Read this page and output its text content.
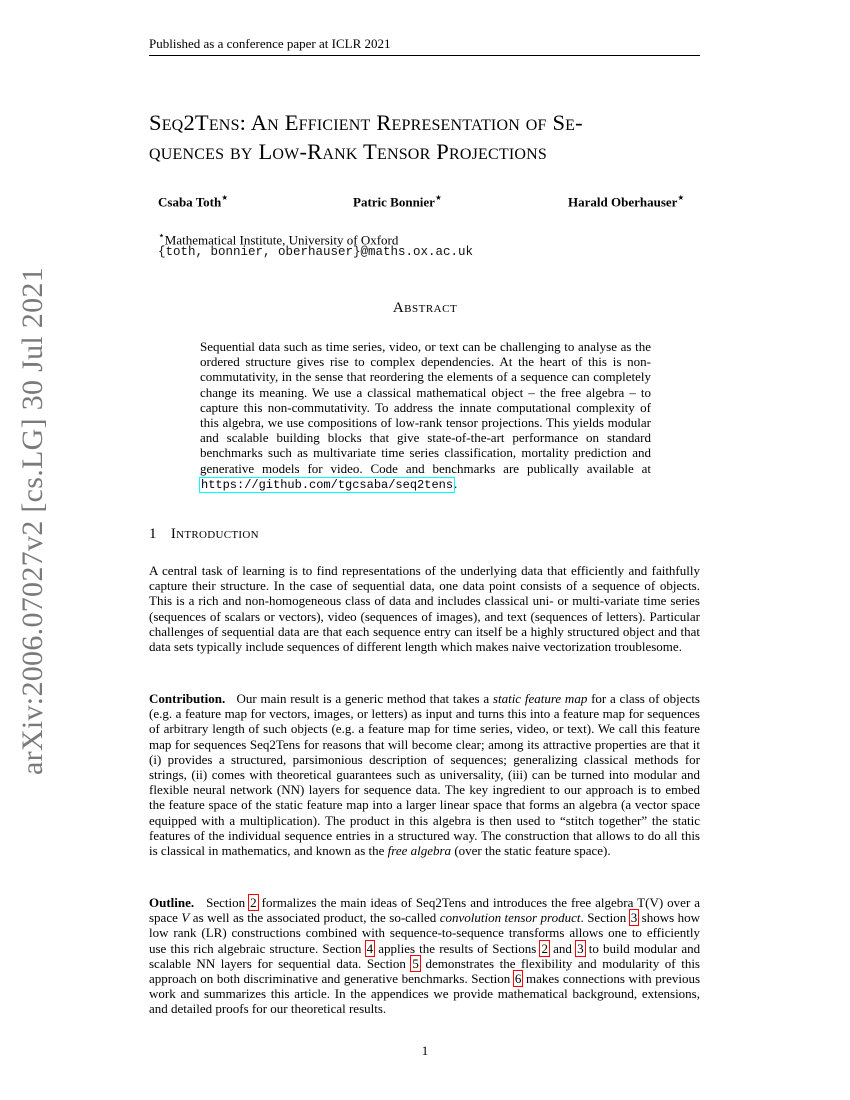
Published as a conference paper at ICLR 2021
arXiv:2006.07027v2 [cs.LG] 30 Jul 2021
Seq2Tens: An Efficient Representation of Se-
quences by Low-Rank Tensor Projections
Csaba Toth⋆	Patric Bonnier⋆	Harald Oberhauser⋆
⋆Mathematical Institute, University of Oxford
{toth, bonnier, oberhauser}@maths.ox.ac.uk
Abstract
Sequential data such as time series, video, or text can be challenging to analyse as the ordered structure gives rise to complex dependencies. At the heart of this is non-commutativity, in the sense that reordering the elements of a sequence can completely change its meaning. We use a classical mathematical object – the free algebra – to capture this non-commutativity. To address the innate computational complexity of this algebra, we use compositions of low-rank tensor projections. This yields modular and scalable building blocks that give state-of-the-art performance on standard benchmarks such as multivariate time series classification, mortality prediction and generative models for video. Code and benchmarks are publically available at https://github.com/tgcsaba/seq2tens.
1 Introduction
A central task of learning is to find representations of the underlying data that efficiently and faithfully capture their structure. In the case of sequential data, one data point consists of a sequence of objects. This is a rich and non-homogeneous class of data and includes classical uni- or multi-variate time series (sequences of scalars or vectors), video (sequences of images), and text (sequences of letters). Particular challenges of sequential data are that each sequence entry can itself be a highly structured object and that data sets typically include sequences of different length which makes naive vectorization troublesome.
Contribution. Our main result is a generic method that takes a static feature map for a class of objects (e.g. a feature map for vectors, images, or letters) as input and turns this into a feature map for sequences of arbitrary length of such objects (e.g. a feature map for time series, video, or text). We call this feature map for sequences Seq2Tens for reasons that will become clear; among its attractive properties are that it (i) provides a structured, parsimonious description of sequences; generalizing classical methods for strings, (ii) comes with theoretical guarantees such as universality, (iii) can be turned into modular and flexible neural network (NN) layers for sequence data. The key ingredient to our approach is to embed the feature space of the static feature map into a larger linear space that forms an algebra (a vector space equipped with a multiplication). The product in this algebra is then used to “stitch together” the static features of the individual sequence entries in a structured way. The construction that allows to do all this is classical in mathematics, and known as the free algebra (over the static feature space).
Outline. Section 2 formalizes the main ideas of Seq2Tens and introduces the free algebra T(V) over a space V as well as the associated product, the so-called convolution tensor product. Section 3 shows how low rank (LR) constructions combined with sequence-to-sequence transforms allows one to efficiently use this rich algebraic structure. Section 4 applies the results of Sections 2 and 3 to build modular and scalable NN layers for sequential data. Section 5 demonstrates the flexibility and modularity of this approach on both discriminative and generative benchmarks. Section 6 makes connections with previous work and summarizes this article. In the appendices we provide mathematical background, extensions, and detailed proofs for our theoretical results.
1
